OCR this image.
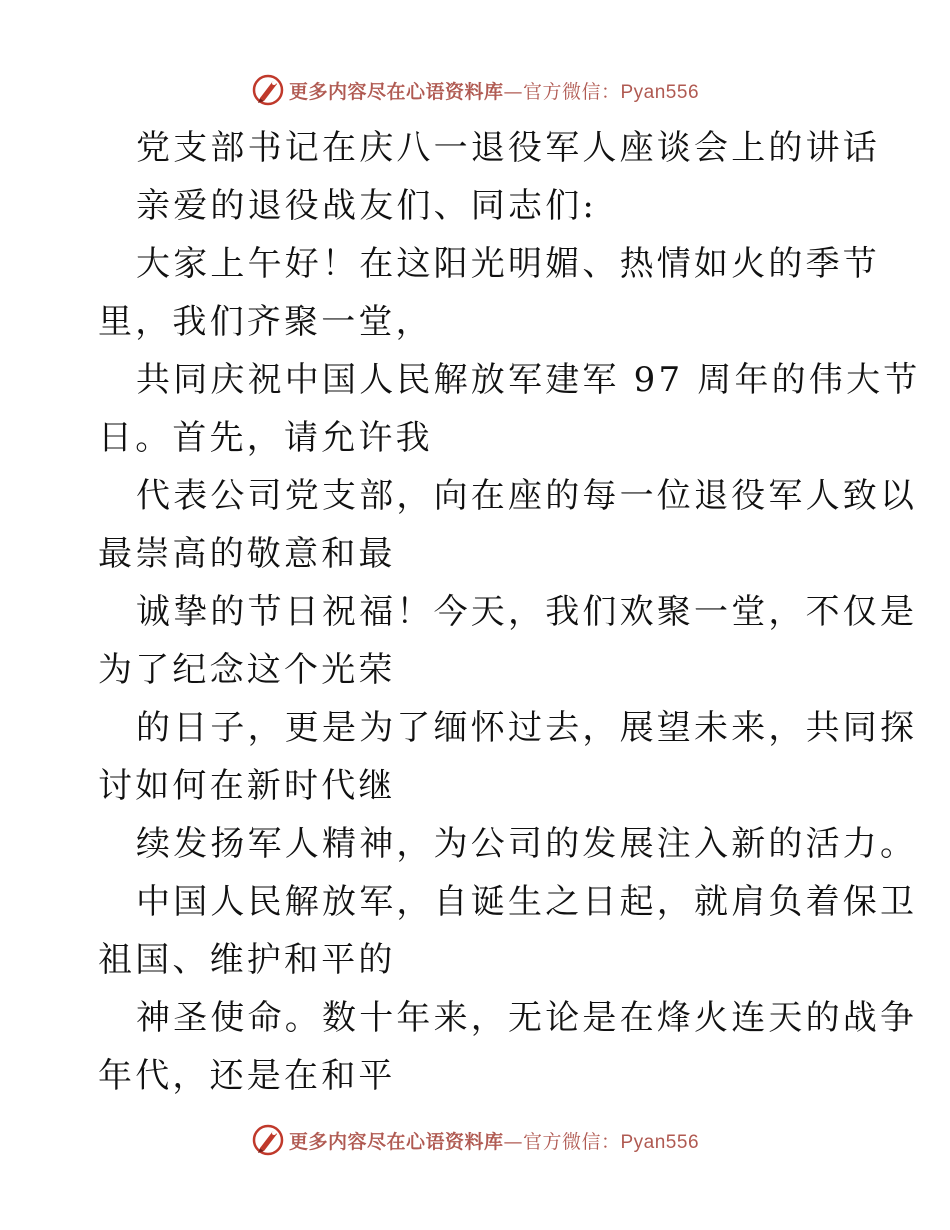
更多内容尽在心语资料库—官方微信：Pyan556
党支部书记在庆八一退役军人座谈会上的讲话
亲爱的退役战友们、同志们:
大家上午好！在这阳光明媚、热情如火的季节
里，我们齐聚一堂，
共同庆祝中国人民解放军建军 97 周年的伟大节
日。首先，请允许我
代表公司党支部，向在座的每一位退役军人致以
最崇高的敬意和最
诚挚的节日祝福！今天，我们欢聚一堂，不仅是
为了纪念这个光荣
的日子，更是为了缅怀过去，展望未来，共同探
讨如何在新时代继
续发扬军人精神，为公司的发展注入新的活力。
中国人民解放军，自诞生之日起，就肩负着保卫
祖国、维护和平的
神圣使命。数十年来，无论是在烽火连天的战争
年代，还是在和平
更多内容尽在心语资料库—官方微信：Pyan556
